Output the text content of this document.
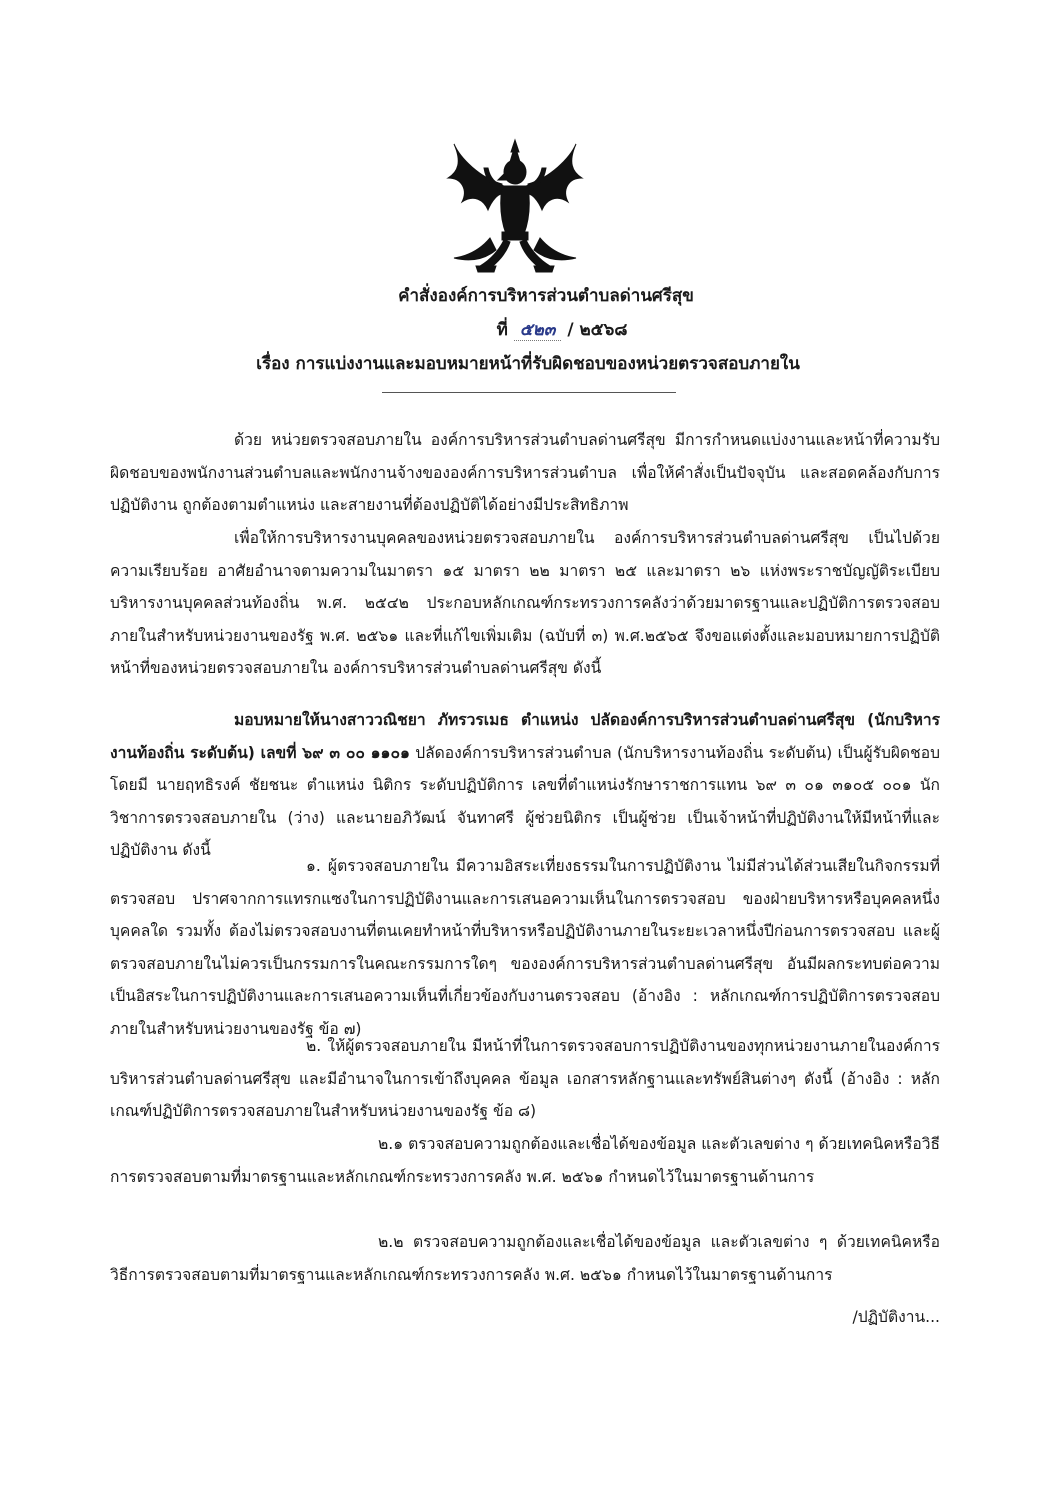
คำสั่งองค์การบริหารส่วนตำบลด่านศรีสุข
ที่ ๕๒๓ / ๒๕๖๘
เรื่อง การแบ่งงานและมอบหมายหน้าที่รับผิดชอบของหน่วยตรวจสอบภายใน

ด้วย หน่วยตรวจสอบภายใน องค์การบริหารส่วนตำบลด่านศรีสุข มีการกำหนดแบ่งงานและหน้าที่ความรับผิดชอบของพนักงานส่วนตำบลและพนักงานจ้างขององค์การบริหารส่วนตำบล เพื่อให้คำสั่งเป็นปัจจุบัน และสอดคล้องกับการปฏิบัติงาน ถูกต้องตามตำแหน่ง และสายงานที่ต้องปฏิบัติได้อย่างมีประสิทธิภาพ

เพื่อให้การบริหารงานบุคคลของหน่วยตรวจสอบภายใน องค์การบริหารส่วนตำบลด่านศรีสุข เป็นไปด้วยความเรียบร้อย อาศัยอำนาจตามความในมาตรา ๑๕ มาตรา ๒๒ มาตรา ๒๕ และมาตรา ๒๖ แห่งพระราชบัญญัติระเบียบบริหารงานบุคคลส่วนท้องถิ่น พ.ศ. ๒๕๔๒ ประกอบหลักเกณฑ์กระทรวงการคลังว่าด้วยมาตรฐานและปฏิบัติการตรวจสอบภายในสำหรับหน่วยงานของรัฐ พ.ศ. ๒๕๖๑ และที่แก้ไขเพิ่มเติม (ฉบับที่ ๓) พ.ศ.๒๕๖๕ จึงขอแต่งตั้งและมอบหมายการปฏิบัติหน้าที่ของหน่วยตรวจสอบภายใน องค์การบริหารส่วนตำบลด่านศรีสุข ดังนี้

มอบหมายให้นางสาววณิชยา ภัทรวรเมธ ตำแหน่ง ปลัดองค์การบริหารส่วนตำบลด่านศรีสุข (นักบริหารงานท้องถิ่น ระดับต้น) เลขที่ ๖๙ ๓ ๐๐ ๑๑๐๑ ปลัดองค์การบริหารส่วนตำบล (นักบริหารงานท้องถิ่น ระดับต้น) เป็นผู้รับผิดชอบ โดยมี นายฤทธิรงค์ ชัยชนะ ตำแหน่ง นิติกร ระดับปฏิบัติการ เลขที่ตำแหน่งรักษาราชการแทน ๖๙ ๓ ๐๑ ๓๑๐๕ ๐๐๑ นักวิชาการตรวจสอบภายใน (ว่าง) และนายอภิวัฒน์ จันทาศรี ผู้ช่วยนิติกร เป็นผู้ช่วย เป็นเจ้าหน้าที่ปฏิบัติงานให้มีหน้าที่และปฏิบัติงาน ดังนี้

๑. ผู้ตรวจสอบภายใน มีความอิสระเที่ยงธรรมในการปฏิบัติงาน ไม่มีส่วนได้ส่วนเสียในกิจกรรมที่ตรวจสอบ ปราศจากการแทรกแซงในการปฏิบัติงานและการเสนอความเห็นในการตรวจสอบ ของฝ่ายบริหารหรือบุคคลหนึ่งบุคคลใด รวมทั้ง ต้องไม่ตรวจสอบงานที่ตนเคยทำหน้าที่บริหารหรือปฏิบัติงานภายในระยะเวลาหนึ่งปีก่อนการตรวจสอบ และผู้ตรวจสอบภายในไม่ควรเป็นกรรมการในคณะกรรมการใดๆ ขององค์การบริหารส่วนตำบลด่านศรีสุข อันมีผลกระทบต่อความเป็นอิสระในการปฏิบัติงานและการเสนอความเห็นที่เกี่ยวข้องกับงานตรวจสอบ (อ้างอิง : หลักเกณฑ์การปฏิบัติการตรวจสอบภายในสำหรับหน่วยงานของรัฐ ข้อ ๗)

๒. ให้ผู้ตรวจสอบภายใน มีหน้าที่ในการตรวจสอบการปฏิบัติงานของทุกหน่วยงานภายในองค์การบริหารส่วนตำบลด่านศรีสุข และมีอำนาจในการเข้าถึงบุคคล ข้อมูล เอกสารหลักฐานและทรัพย์สินต่างๆ ดังนี้ (อ้างอิง : หลักเกณฑ์ปฏิบัติการตรวจสอบภายในสำหรับหน่วยงานของรัฐ ข้อ ๘)

๒.๑ ตรวจสอบความถูกต้องและเชื่อได้ของข้อมูล และตัวเลขต่าง ๆ ด้วยเทคนิคหรือวิธีการตรวจสอบตามที่มาตรฐานและหลักเกณฑ์กระทรวงการคลัง พ.ศ. ๒๕๖๑ กำหนดไว้ในมาตรฐานด้านการ

๒.๒ ตรวจสอบความถูกต้องและเชื่อได้ของข้อมูล และตัวเลขต่าง ๆ ด้วยเทคนิคหรือวิธีการตรวจสอบตามที่มาตรฐานและหลักเกณฑ์กระทรวงการคลัง พ.ศ. ๒๕๖๑ กำหนดไว้ในมาตรฐานด้านการ

/ปฏิบัติงาน...
